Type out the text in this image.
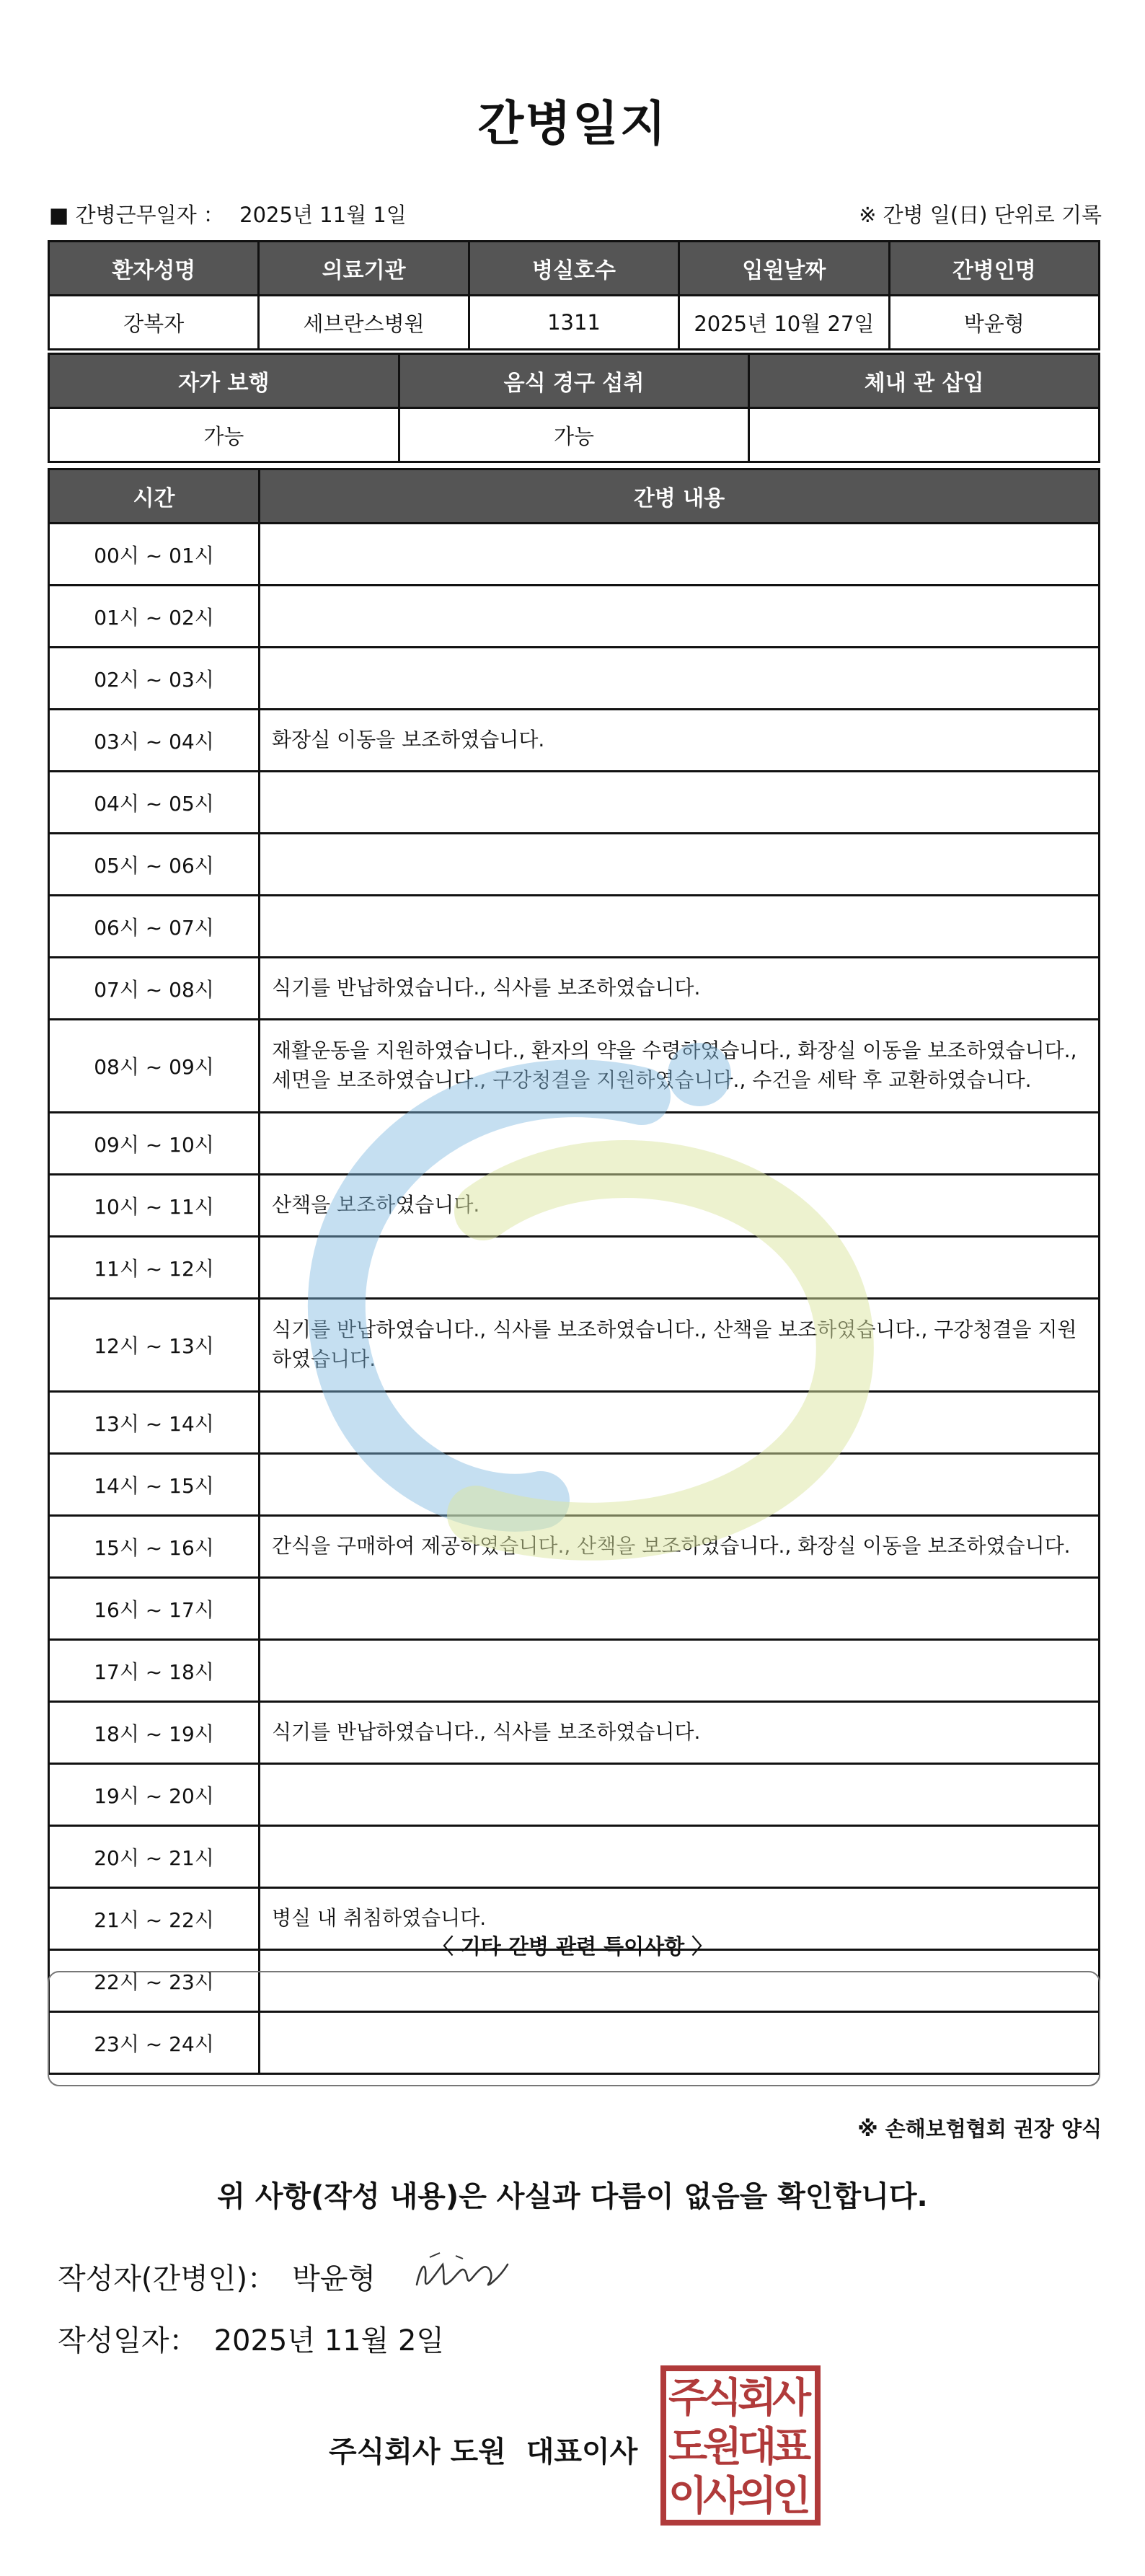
간병일지
■ 간병근무일자 ： 2025년 11월 1일	※ 간병 일(日) 단위로 기록
환자성명	의료기관	병실호수	입원날짜	간병인명
강복자	세브란스병원	1311	2025년 10월 27일	박윤형
자가 보행	음식 경구 섭취	체내 관 삽입
가능	가능	
시간	간병 내용
00시 ~ 01시	
01시 ~ 02시	
02시 ~ 03시	
03시 ~ 04시	화장실 이동을 보조하였습니다.
04시 ~ 05시	
05시 ~ 06시	
06시 ~ 07시	
07시 ~ 08시	식기를 반납하였습니다., 식사를 보조하였습니다.
08시 ~ 09시	재활운동을 지원하였습니다., 환자의 약을 수령하였습니다., 화장실 이동을 보조하였습니다., 세면을 보조하였습니다., 구강청결을 지원하였습니다., 수건을 세탁 후 교환하였습니다.
09시 ~ 10시	
10시 ~ 11시	산책을 보조하였습니다.
11시 ~ 12시	
12시 ~ 13시	식기를 반납하였습니다., 식사를 보조하였습니다., 산책을 보조하였습니다., 구강청결을 지원하였습니다.
13시 ~ 14시	
14시 ~ 15시	
15시 ~ 16시	간식을 구매하여 제공하였습니다., 산책을 보조하였습니다., 화장실 이동을 보조하였습니다.
16시 ~ 17시	
17시 ~ 18시	
18시 ~ 19시	식기를 반납하였습니다., 식사를 보조하였습니다.
19시 ~ 20시	
20시 ~ 21시	
21시 ~ 22시	병실 내 취침하였습니다.
22시 ~ 23시	
23시 ~ 24시	
〈 기타 간병 관련 특이사항 〉
※ 손해보험협회 권장 양식
위 사항(작성 내용)은 사실과 다름이 없음을 확인합니다.
작성자(간병인)： 박윤형
작성일자： 2025년 11월 2일
주식회사 도원 대표이사
주
식
회
사
도
원
대
표
이
사
의
인
